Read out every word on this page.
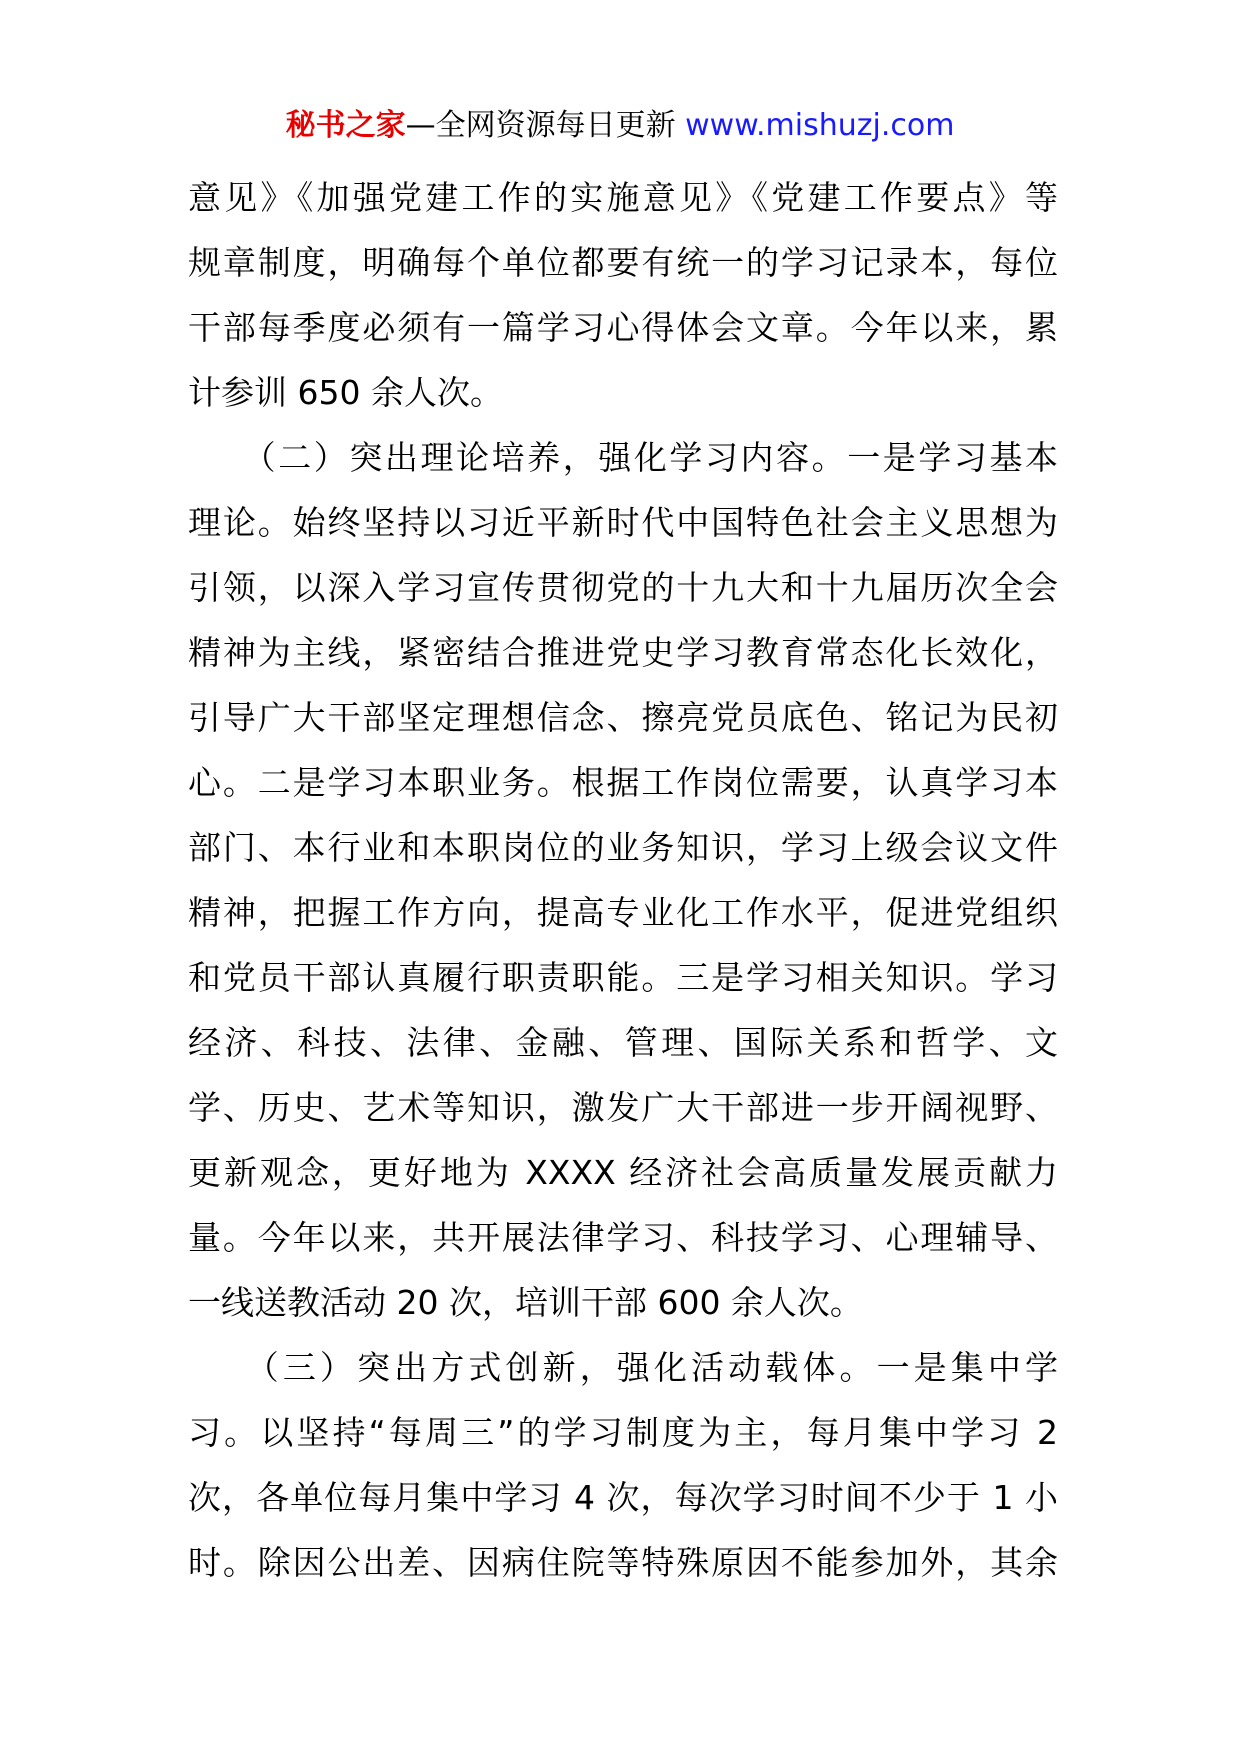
秘书之家—全网资源每日更新 www.mishuzj.com
意见》《加强党建工作的实施意见》《党建工作要点》等
规章制度，明确每个单位都要有统一的学习记录本，每位
干部每季度必须有一篇学习心得体会文章。今年以来，累
计参训 650 余人次。
　　（二）突出理论培养，强化学习内容。一是学习基本
理论。始终坚持以习近平新时代中国特色社会主义思想为
引领，以深入学习宣传贯彻党的十九大和十九届历次全会
精神为主线，紧密结合推进党史学习教育常态化长效化，
引导广大干部坚定理想信念、擦亮党员底色、铭记为民初
心。二是学习本职业务。根据工作岗位需要，认真学习本
部门、本行业和本职岗位的业务知识，学习上级会议文件
精神，把握工作方向，提高专业化工作水平，促进党组织
和党员干部认真履行职责职能。三是学习相关知识。学习
经济、科技、法律、金融、管理、国际关系和哲学、文
学、历史、艺术等知识，激发广大干部进一步开阔视野、
更新观念，更好地为 XXXX 经济社会高质量发展贡献力
量。今年以来，共开展法律学习、科技学习、心理辅导、
一线送教活动 20 次，培训干部 600 余人次。
　　（三）突出方式创新，强化活动载体。一是集中学
习。以坚持“每周三”的学习制度为主，每月集中学习 2
次，各单位每月集中学习 4 次，每次学习时间不少于 1 小
时。除因公出差、因病住院等特殊原因不能参加外，其余
